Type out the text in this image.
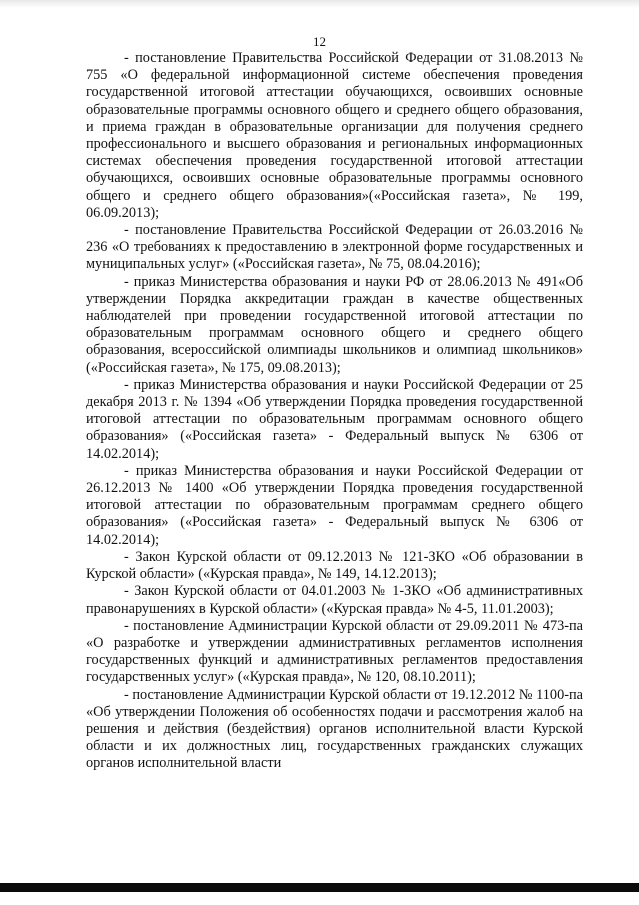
12

- постановление Правительства Российской Федерации от 31.08.2013 № 755 «О федеральной информационной системе обеспечения проведения государственной итоговой аттестации обучающихся, освоивших основные образовательные программы основного общего и среднего общего образования, и приема граждан в образовательные организации для получения среднего профессионального и высшего образования и региональных информационных системах обеспечения проведения государственной итоговой аттестации обучающихся, освоивших основные образовательные программы основного общего и среднего общего образования»(«Российская газета», № 199, 06.09.2013);

- постановление Правительства Российской Федерации от 26.03.2016 № 236 «О требованиях к предоставлению в электронной форме государственных и муниципальных услуг» («Российская газета», № 75, 08.04.2016);

- приказ Министерства образования и науки РФ от 28.06.2013 № 491«Об утверждении Порядка аккредитации граждан в качестве общественных наблюдателей при проведении государственной итоговой аттестации по образовательным программам основного общего и среднего общего образования, всероссийской олимпиады школьников и олимпиад школьников» («Российская газета», № 175, 09.08.2013);

- приказ Министерства образования и науки Российской Федерации от 25 декабря 2013 г. № 1394 «Об утверждении Порядка проведения государственной итоговой аттестации по образовательным программам основного общего образования» («Российская газета» - Федеральный выпуск № 6306 от 14.02.2014);

- приказ Министерства образования и науки Российской Федерации от 26.12.2013 № 1400 «Об утверждении Порядка проведения государственной итоговой аттестации по образовательным программам среднего общего образования» («Российская газета» - Федеральный выпуск № 6306 от 14.02.2014);

- Закон Курской области от 09.12.2013 № 121-ЗКО «Об образовании в Курской области» («Курская правда», № 149, 14.12.2013);

- Закон Курской области от 04.01.2003 № 1-ЗКО «Об административных правонарушениях в Курской области» («Курская правда» № 4-5, 11.01.2003);

- постановление Администрации Курской области от 29.09.2011 № 473-па «О разработке и утверждении административных регламентов исполнения государственных функций и административных регламентов предоставления государственных услуг» («Курская правда», № 120, 08.10.2011);

- постановление Администрации Курской области от 19.12.2012 № 1100-па «Об утверждении Положения об особенностях подачи и рассмотрения жалоб на решения и действия (бездействия) органов исполнительной власти Курской области и их должностных лиц, государственных гражданских служащих органов исполнительной власти
